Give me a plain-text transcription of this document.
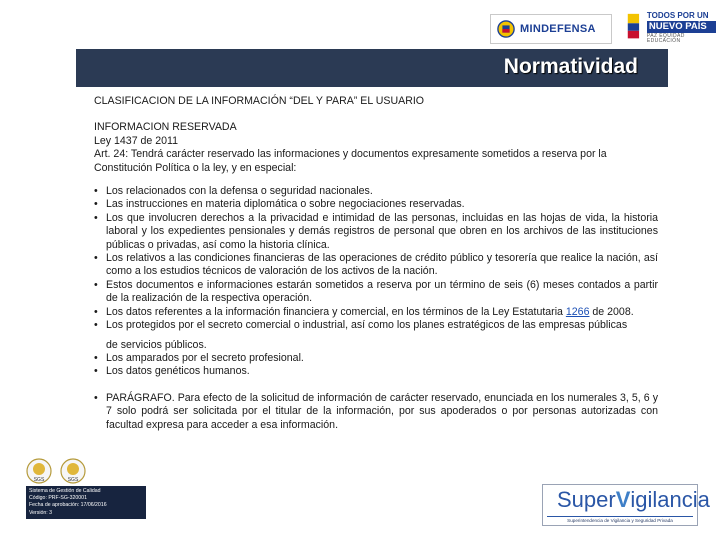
MINDEFENSA
TODOS POR UN
NUEVO PAÍS
PAZ EQUIDAD EDUCACIÓN
Normatividad

CLASIFICACION DE LA INFORMACIÓN “DEL Y PARA” EL USUARIO

INFORMACION RESERVADA

Ley 1437 de 2011

Art. 24: Tendrá carácter reservado las informaciones y documentos expresamente sometidos a reserva por la Constitución Política o la ley, y en especial:

• Los relacionados con la defensa o seguridad nacionales.
• Las instrucciones en materia diplomática o sobre negociaciones reservadas.
• Los que involucren derechos a la privacidad e intimidad de las personas, incluidas en las hojas de vida, la historia laboral y los expedientes pensionales y demás registros de personal que obren en los archivos de las instituciones públicas o privadas, así como la historia clínica.
• Los relativos a las condiciones financieras de las operaciones de crédito público y tesorería que realice la nación, así como a los estudios técnicos de valoración de los activos de la nación.
• Estos documentos e informaciones estarán sometidos a reserva por un término de seis (6) meses contados a partir de la realización de la respectiva operación.
• Los datos referentes a la información financiera y comercial, en los términos de la Ley Estatutaria 1266 de 2008.
• Los protegidos por el secreto comercial o industrial, así como los planes estratégicos de las empresas públicas
de servicios públicos.
• Los amparados por el secreto profesional.
• Los datos genéticos humanos.
• PARÁGRAFO. Para efecto de la solicitud de información de carácter reservado, enunciada en los numerales 3, 5, 6 y 7 solo podrá ser solicitada por el titular de la información, por sus apoderados o por personas autorizadas con facultad expresa para acceder a esa información.
SGS	SGS
Sistema de Gestión de Calidad
Código: PRF-SG-320001
Fecha de aprobación: 17/06/2016
Versión: 3
SuperVigilancia
Superintendencia de Vigilancia y Seguridad Privada
